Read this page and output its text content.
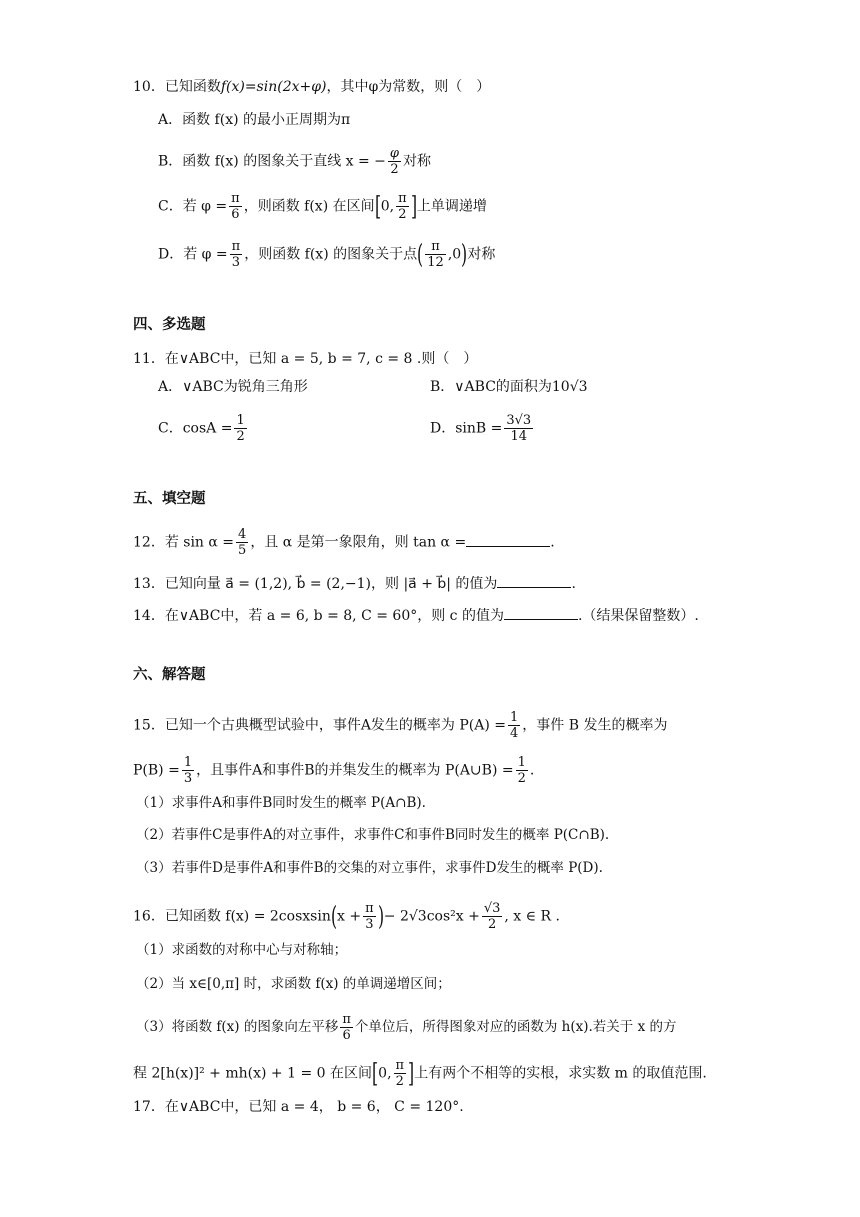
10．已知函数f(x)=sin(2x+φ)，其中φ为常数，则（　）
A．函数 f(x) 的最小正周期为π
B．函数 f(x) 的图象关于直线 x = − $\frac{\varphi}{2}$ 对称
C．若 $\varphi = \frac{\pi}{6}$ ，则函数 f(x) 在区间[0, $\frac{\pi}{2}$ ]上单调递增
D．若 $\varphi = \frac{\pi}{3}$ ，则函数 f(x) 的图象关于点( $\frac{\pi}{12} ,0$)对称
四、多选题
11．在∨ABC中，已知 a = 5, b = 7, c = 8 .则（　）
A．∨ABC为锐角三角形	B．∨ABC的面积为10√3
C．$\cos A = \frac{1}{2}$	D．$\sin B = \frac{3√3}{14}$
五、填空题
12．若 $\sin \alpha = \frac{4}{5}$ ，且 α 是第一象限角，则 tan α =	.
13．已知向量 a⃗ = (1,2), b⃗ = (2,−1)，则 |a⃗ + b⃗| 的值为	.
14．在∨ABC中，若 a = 6, b = 8, C = 60°，则 c 的值为	.（结果保留整数）.
六、解答题
15．已知一个古典概型试验中，事件A发生的概率为 $P(A) = \frac{1}{4}$ ，事件 B 发生的概率为
$P(B) = \frac{1}{3}$ ，且事件A和事件B的并集发生的概率为 P(A∪B) = $\frac{1}{2}$ .
（1）求事件A和事件B同时发生的概率 P(A∩B).
（2）若事件C是事件A的对立事件，求事件C和事件B同时发生的概率 P(C∩B).
（3）若事件D是事件A和事件B的交集的对立事件，求事件D发生的概率 P(D).
16．已知函数 f(x) = 2cosxsin(x + $\frac{\pi}{3}$ )− $2√3\cos^2x + \frac{√3}{2}$ , x ∈ R .
（1）求函数的对称中心与对称轴；
（2）当 x∈[0,π] 时，求函数 f(x) 的单调递增区间；
（3）将函数 f(x) 的图象向左平移 $\frac{\pi}{6}$ 个单位后，所得图象对应的函数为 h(x).若关于 x 的方
程 2[h(x)]² + mh(x) + 1 = 0 在区间[0, $\frac{\pi}{2}$ ]上有两个不相等的实根，求实数 m 的取值范围.
17．在∨ABC中，已知 a = 4， b = 6， C = 120°.
